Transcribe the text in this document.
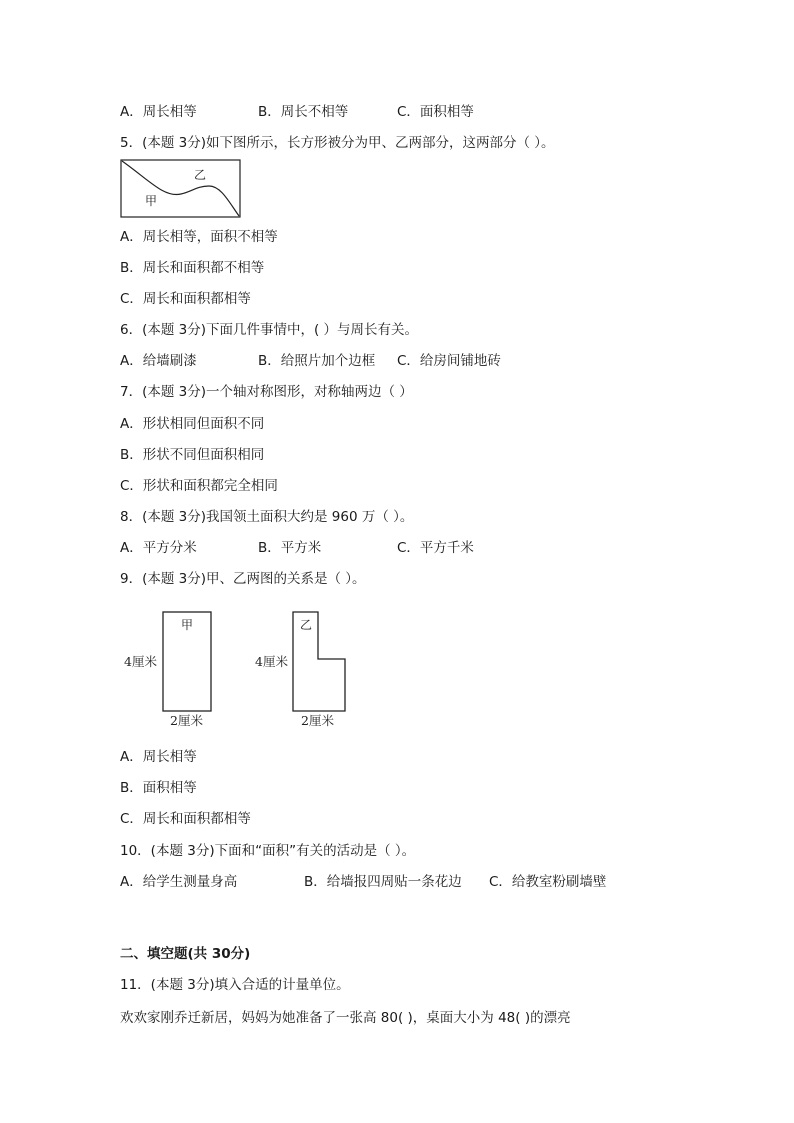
A．周长相等	B．周长不相等	C．面积相等
5．(本题 3分)如下图所示，长方形被分为甲、乙两部分，这两部分（ ）。
乙
甲
A．周长相等，面积不相等
B．周长和面积都不相等
C．周长和面积都相等
6．(本题 3分)下面几件事情中，( ）与周长有关。
A．给墙刷漆	B．给照片加个边框 C．给房间铺地砖
7．(本题 3分)一个轴对称图形，对称轴两边（ ）
A．形状相同但面积不同
B．形状不同但面积相同
C．形状和面积都完全相同
8．(本题 3分)我国领土面积大约是 960 万（ ）。
A．平方分米	B．平方米	C．平方千米
9．(本题 3分)甲、乙两图的关系是（ ）。
甲
4厘米
2厘米
乙
4厘米
2厘米
A．周长相等
B．面积相等
C．周长和面积都相等
10．(本题 3分)下面和“面积”有关的活动是（ ）。
A．给学生测量身高	B．给墙报四周贴一条花边 C．给教室粉刷墙壁
二、填空题(共 30分)
11．(本题 3分)填入合适的计量单位。
欢欢家刚乔迁新居，妈妈为她准备了一张高 80( )，桌面大小为 48( )的漂亮
